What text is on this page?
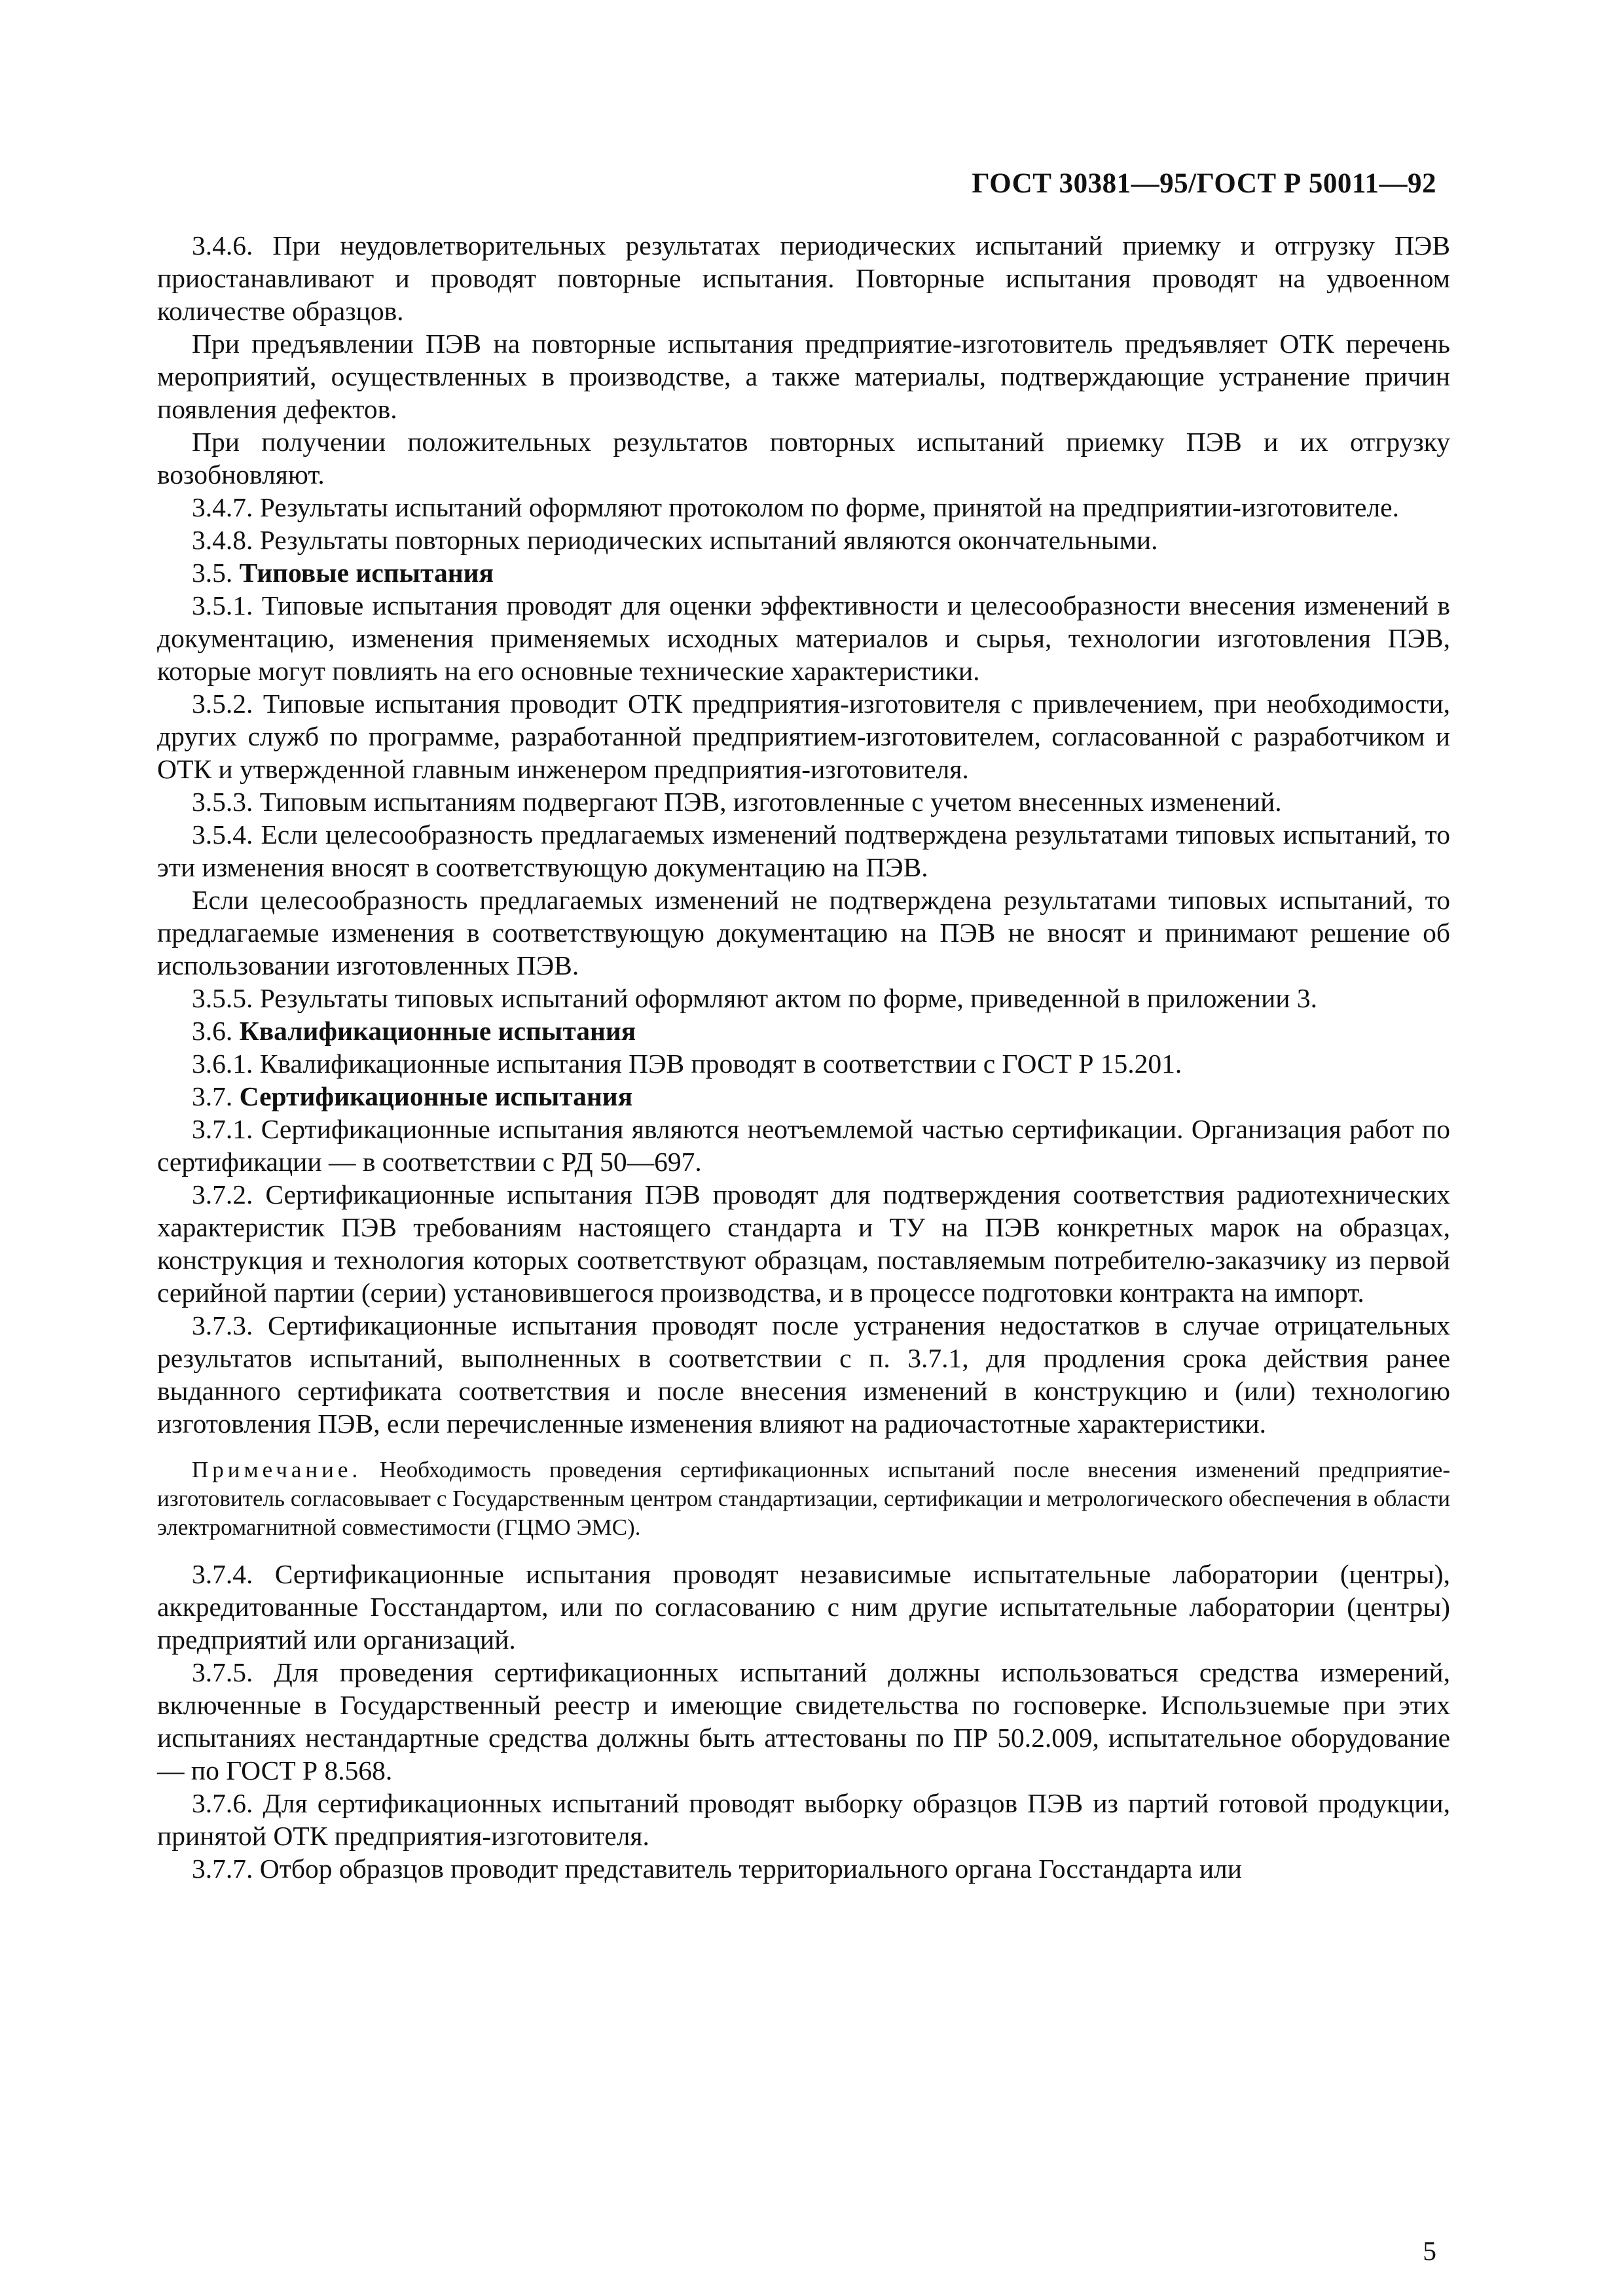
ГОСТ 30381—95/ГОСТ Р 50011—92

3.4.6. При неудовлетворительных результатах периодических испытаний приемку и отгрузку ПЭВ приостанавливают и проводят повторные испытания. Повторные испытания проводят на удвоенном количестве образцов.

При предъявлении ПЭВ на повторные испытания предприятие-изготовитель предъявляет ОТК перечень мероприятий, осуществленных в производстве, а также материалы, подтверждающие устранение причин появления дефектов.

При получении положительных результатов повторных испытаний приемку ПЭВ и их отгрузку возобновляют.

3.4.7. Результаты испытаний оформляют протоколом по форме, принятой на предприятии-изготовителе.

3.4.8. Результаты повторных периодических испытаний являются окончательными.

3.5. Типовые испытания

3.5.1. Типовые испытания проводят для оценки эффективности и целесообразности внесения изменений в документацию, изменения применяемых исходных материалов и сырья, технологии изготовления ПЭВ, которые могут повлиять на его основные технические характеристики.

3.5.2. Типовые испытания проводит ОТК предприятия-изготовителя с привлечением, при необходимости, других служб по программе, разработанной предприятием-изготовителем, согласованной с разработчиком и ОТК и утвержденной главным инженером предприятия-изготовителя.

3.5.3. Типовым испытаниям подвергают ПЭВ, изготовленные с учетом внесенных изменений.

3.5.4. Если целесообразность предлагаемых изменений подтверждена результатами типовых испытаний, то эти изменения вносят в соответствующую документацию на ПЭВ.

Если целесообразность предлагаемых изменений не подтверждена результатами типовых испытаний, то предлагаемые изменения в соответствующую документацию на ПЭВ не вносят и принимают решение об использовании изготовленных ПЭВ.

3.5.5. Результаты типовых испытаний оформляют актом по форме, приведенной в приложении 3.

3.6. Квалификационные испытания

3.6.1. Квалификационные испытания ПЭВ проводят в соответствии с ГОСТ Р 15.201.

3.7. Сертификационные испытания

3.7.1. Сертификационные испытания являются неотъемлемой частью сертификации. Организация работ по сертификации — в соответствии с РД 50—697.

3.7.2. Сертификационные испытания ПЭВ проводят для подтверждения соответствия радиотехнических характеристик ПЭВ требованиям настоящего стандарта и ТУ на ПЭВ конкретных марок на образцах, конструкция и технология которых соответствуют образцам, поставляемым потребителю-заказчику из первой серийной партии (серии) установившегося производства, и в процессе подготовки контракта на импорт.

3.7.3. Сертификационные испытания проводят после устранения недостатков в случае отрицательных результатов испытаний, выполненных в соответствии с п. 3.7.1, для продления срока действия ранее выданного сертификата соответствия и после внесения изменений в конструкцию и (или) технологию изготовления ПЭВ, если перечисленные изменения влияют на радиочастотные характеристики.

Примечание. Необходимость проведения сертификационных испытаний после внесения изменений предприятие-изготовитель согласовывает с Государственным центром стандартизации, сертификации и метрологического обеспечения в области электромагнитной совместимости (ГЦМО ЭМС).

3.7.4. Сертификационные испытания проводят независимые испытательные лаборатории (центры), аккредитованные Госстандартом, или по согласованию с ним другие испытательные лаборатории (центры) предприятий или организаций.

3.7.5. Для проведения сертификационных испытаний должны использоваться средства измерений, включенные в Государственный реестр и имеющие свидетельства по госповерке. Использueмые при этих испытаниях нестандартные средства должны быть аттестованы по ПР 50.2.009, испытательное оборудование — по ГОСТ Р 8.568.

3.7.6. Для сертификационных испытаний проводят выборку образцов ПЭВ из партий готовой продукции, принятой ОТК предприятия-изготовителя.

3.7.7. Отбор образцов проводит представитель территориального органа Госстандарта или

5
